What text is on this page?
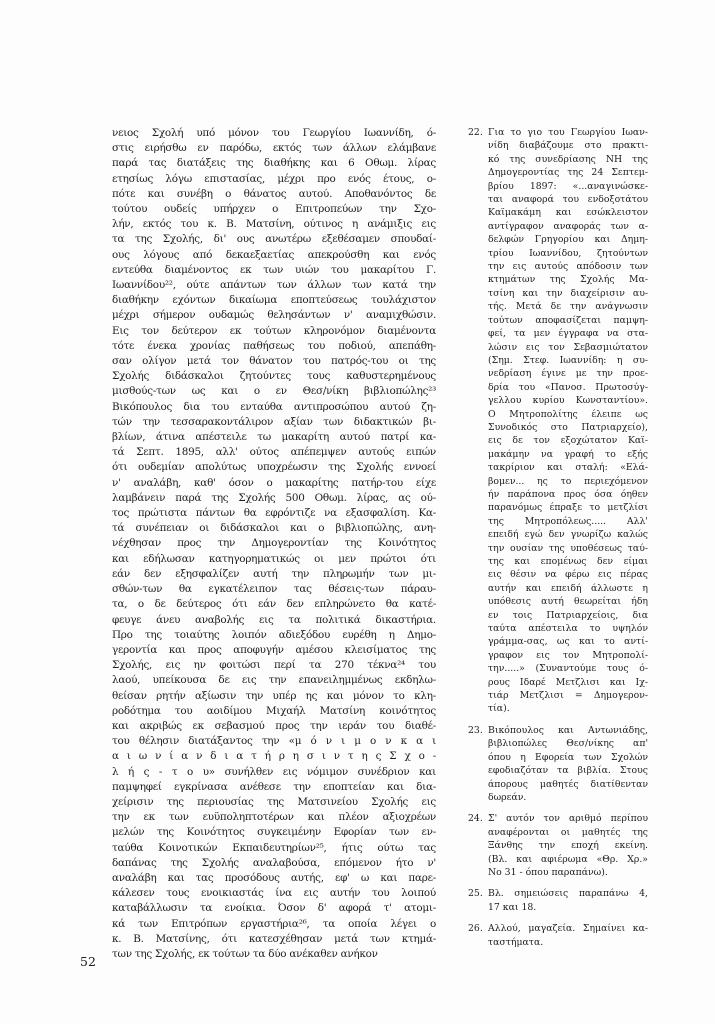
νειος Σχολή υπό μόνον του Γεωργίου Ιωαννίδη, ό-
στις ειρήσθω εν παρόδω, εκτός των άλλων ελάμβανε
παρά τας διατάξεις της διαθήκης και 6 Οθωμ. λίρας
ετησίως λόγω επιστασίας, μέχρι προ ενός έτους, ο-
πότε και συνέβη ο θάνατος αυτού. Αποθανόντος δε
τούτου ουδείς υπήρχεν ο Επιτροπεύων την Σχο-
λήν, εκτός του κ. Β. Ματσίνη, ούτινος η ανάμιξις εις
τα της Σχολής, δι' ους ανωτέρω εξεθέσαμεν σπουδαί-
ους λόγους από δεκαεξαετίας απεκρούσθη και ενός
εντεύθα διαμένοντος εκ των υιών του μακαρίτου Γ.
Ιωαννίδου²², ούτε απάντων των άλλων των κατά την
διαθήκην εχόντων δικαίωμα εποπτεύσεως τουλάχιστον
μέχρι σήμερον ουδαμώς θελησάντων ν' αναμιχθώσιν.
Εις τον δεύτερον εκ τούτων κληρονόμον διαμένοντα
τότε ένεκα χρονίας παθήσεως του ποδιού, απεπάθη-
σαν ολίγον μετά τον θάνατον του πατρός-του οι της
Σχολής διδάσκαλοι ζητούντες τους καθυστερημένους
μισθούς-των ως και ο εν Θεσ/νίκη βιβλιοπώλης²³
Βικόπουλος δια του ενταύθα αντιπροσώπου αυτού ζη-
τών την τεσσαρακοντάλιρον αξίαν των διδακτικών βι-
βλίων, άτινα απέστειλε τω μακαρίτη αυτού πατρί κα-
τά Σεπτ. 1895, αλλ' ούτος απέπεμψεν αυτούς ειπών
ότι ουδεμίαν απολύτως υποχρέωσιν της Σχολής εννοεί
ν' αναλάβη, καθ' όσον ο μακαρίτης πατήρ-του είχε
λαμβάνειν παρά της Σχολής 500 Οθωμ. λίρας, ας ού-
τος πρώτιστα πάντων θα εφρόντιζε να εξασφαλίση. Κα-
τά συνέπειαν οι διδάσκαλοι και ο βιβλιοπώλης, ανη-
νέχθησαν προς την Δημογεροντίαν της Κοινότητος
και εδήλωσαν κατηγορηματικώς οι μεν πρώτοι ότι
εάν δεν εξησφαλίζεν αυτή την πληρωμήν των μι-
σθών-των θα εγκατέλειπον τας θέσεις-των πάραυ-
τα, ο δε δεύτερος ότι εάν δεν επληρώνετο θα κατέ-
φευγε άνευ αναβολής εις τα πολιτικά δικαστήρια.
Προ της τοιαύτης λοιπόν αδιεξόδου ευρέθη η Δημο-
γεροντία και προς αποφυγήν αμέσου κλεισίματος της
Σχολής, εις ην φοιτώσι περί τα 270 τέκνα²⁴ του
λαού, υπείκουσα δε εις την επανειλημμένως εκδηλω-
θείσαν ρητήν αξίωσιν την υπέρ ης και μόνον το κλη-
ροδότημα του αοιδίμου Μιχαήλ Ματσίνη κοινότητος
και ακριβώς εκ σεβασμού προς την ιεράν του διαθέ-
του θέλησιν διατάξαντος την «μ ό ν ι μ ο ν κ α ι
α ι ω ν ί α ν δ ι α τ ή ρ η σ ι ν τ η ς Σ χ ο -
λ ή ς - τ ο υ» συνήλθεν εις νόμιμον συνέδριον και
παμψηφεί εγκρίνασα ανέθεσε την εποπτείαν και δια-
χείρισιν της περιουσίας της Ματσινείου Σχολής εις
την εκ των ευϋποληπτοτέρων και πλέον αξιοχρέων
μελών της Κοινότητος συγκειμένην Εφορίαν των εν-
ταύθα Κοινοτικών Εκπαιδευτηρίων²⁵, ήτις ούτω τας
δαπάνας της Σχολής αναλαβούσα, επόμενον ήτο ν'
αναλάβη και τας προσόδους αυτής, εφ' ω και παρε-
κάλεσεν τους ενοικιαστάς ίνα εις αυτήν του λοιπού
καταβάλλωσιν τα ενοίκια. Όσον δ' αφορά τ' ατομι-
κά των Επιτρόπων εργαστήρια²⁶, τα οποία λέγει ο
κ. Β. Ματσίνης, ότι κατεσχέθησαν μετά των κτημά-
των της Σχολής, εκ τούτων τα δύο ανέκαθεν ανήκον
22. Για το γιο του Γεωργίου Ιωαν-
νίδη διαβάζουμε στο πρακτι-
κό της συνεδρίασης ΝΗ της
Δημογεροντίας της 24 Σεπτεμ-
βρίου 1897: «...αναγινώσκε-
ται αναφορά του ενδοξοτάτου
Καϊμακάμη και εσώκλειστον
αντίγραφον αναφοράς των α-
δελφών Γρηγορίου και Δημη-
τρίου Ιωαννίδου, ζητούντων
την εις αυτούς απόδοσιν των
κτημάτων της Σχολής Μα-
τσίνη και την διαχείρισιν αυ-
τής. Μετά δε την ανάγνωσιν
τούτων αποφασίζεται παμψη-
φεί, τα μεν έγγραφα να στα-
λώσιν εις τον Σεβασμιώτατον
(Σημ. Στεφ. Ιωαννίδη: η συ-
νεδρίαση έγινε με την προε-
δρία του «Πανοσ. Πρωτοσύγ-
γελλου κυρίου Κωνσταντίου».
Ο Μητροπολίτης έλειπε ως
Συνοδικός στο Πατριαρχείο),
εις δε τον εξοχώτατον Καϊ-
μακάμην να γραφή το εξής
τακρίριον και σταλή: «Ελά-
βομεν... ης το περιεχόμενον
ήν παράπονα προς όσα όηθεν
παρανόμως έπραξε το μετζλίσι
της Μητροπόλεως..... Αλλ'
επειδή εγώ δεν γνωρίζω καλώς
την ουσίαν της υποθέσεως ταύ-
της και επομένως δεν είμαι
εις θέσιν να φέρω εις πέρας
αυτήν και επειδή άλλωστε η
υπόθεσις αυτή θεωρείται ήδη
εν τοις Πατριαρχείοις, δια
ταύτα απέστειλα το υψηλόν
γράμμα-σας, ως και το αντί-
γραφον εις τον Μητροπολί-
την.....» (Συναντούμε τους ό-
ρους Ιδαρέ Μετζλισι και Ιχ-
τιάρ Μετζλισι = Δημογερον-
τία).
23. Βικόπουλος και Αντωνιάδης,
βιβλιοπώλες Θεσ/νίκης απ'
όπου η Εφορεία των Σχολών
εφοδιαζόταν τα βιβλία. Στους
άπορους μαθητές διατίθενταν
δωρεάν.
24. Σ' αυτόν τον αριθμό περίπου
αναφέρονται οι μαθητές της
Ξάνθης την εποχή εκείνη.
(Βλ. και αφιέρωμα «Θρ. Χρ.»
Νο 31 - όπου παραπάνω).
25. Βλ. σημειώσεις παραπάνω 4,
17 και 18.
26. Αλλού, μαγαζεία. Σημαίνει κα-
ταστήματα.
52
